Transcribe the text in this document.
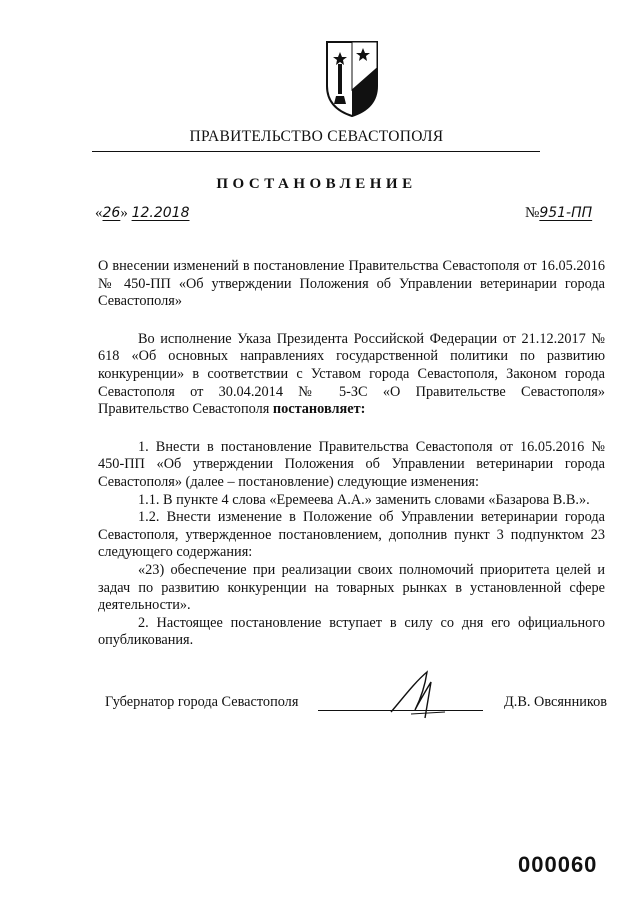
ПРАВИТЕЛЬСТВО СЕВАСТОПОЛЯ
ПОСТАНОВЛЕНИЕ
«26» 12.2018	№951-ПП

О внесении изменений в постановление Правительства Севастополя от 16.05.2016 № 450-ПП «Об утверждении Положения об Управлении ветеринарии города Севастополя»

Во исполнение Указа Президента Российской Федерации от 21.12.2017 № 618 «Об основных направлениях государственной политики по развитию конкуренции» в соответствии с Уставом города Севастополя, Законом города Севастополя от 30.04.2014 № 5-ЗС «О Правительстве Севастополя» Правительство Севастополя постановляет:

1. Внести в постановление Правительства Севастополя от 16.05.2016 № 450-ПП «Об утверждении Положения об Управлении ветеринарии города Севастополя» (далее – постановление) следующие изменения:

1.1. В пункте 4 слова «Еремеева А.А.» заменить словами «Базарова В.В.».

1.2. Внести изменение в Положение об Управлении ветеринарии города Севастополя, утвержденное постановлением, дополнив пункт 3 подпунктом 23 следующего содержания:

«23) обеспечение при реализации своих полномочий приоритета целей и задач по развитию конкуренции на товарных рынках в установленной сфере деятельности».

2. Настоящее постановление вступает в силу со дня его официального опубликования.

Губернатор города Севастополя	Д.В. Овсянников
000060
